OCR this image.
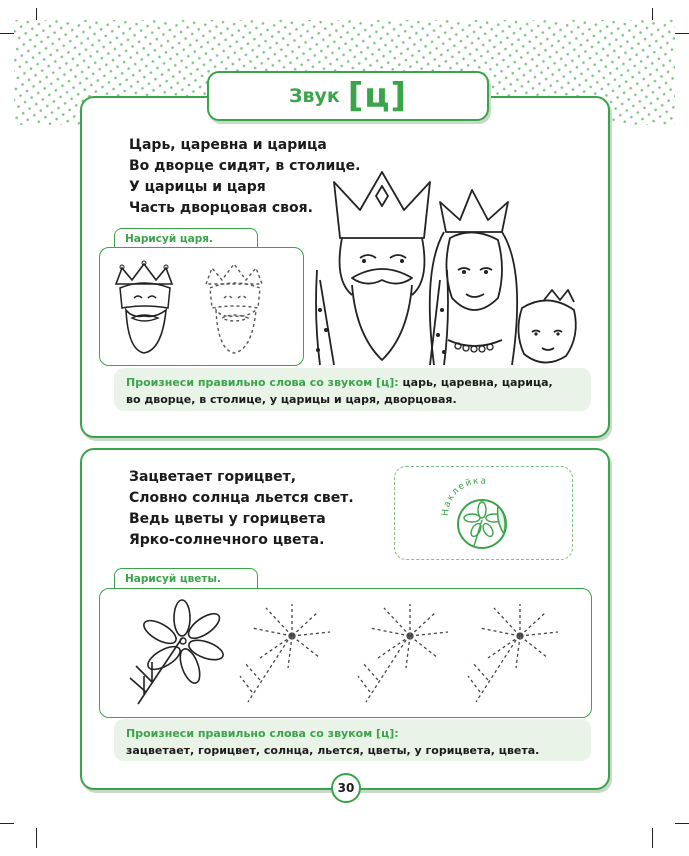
Звук [ц]
Царь, царевна и царица
Во дворце сидят, в столице.
У царицы и царя
Часть дворцовая своя.
Нарисуй царя.
Произнеси правильно слова со звуком [ц]: царь, царевна, царица,
во дворце, в столице, у царицы и царя, дворцовая.
Зацветает горицвет,
Словно солнца льется свет.
Ведь цветы у горицвета
Ярко-солнечного цвета.
Наклейка
Нарисуй цветы.
Произнеси правильно слова со звуком [ц]:
зацветает, горицвет, солнца, льется, цветы, у горицвета, цвета.
30
